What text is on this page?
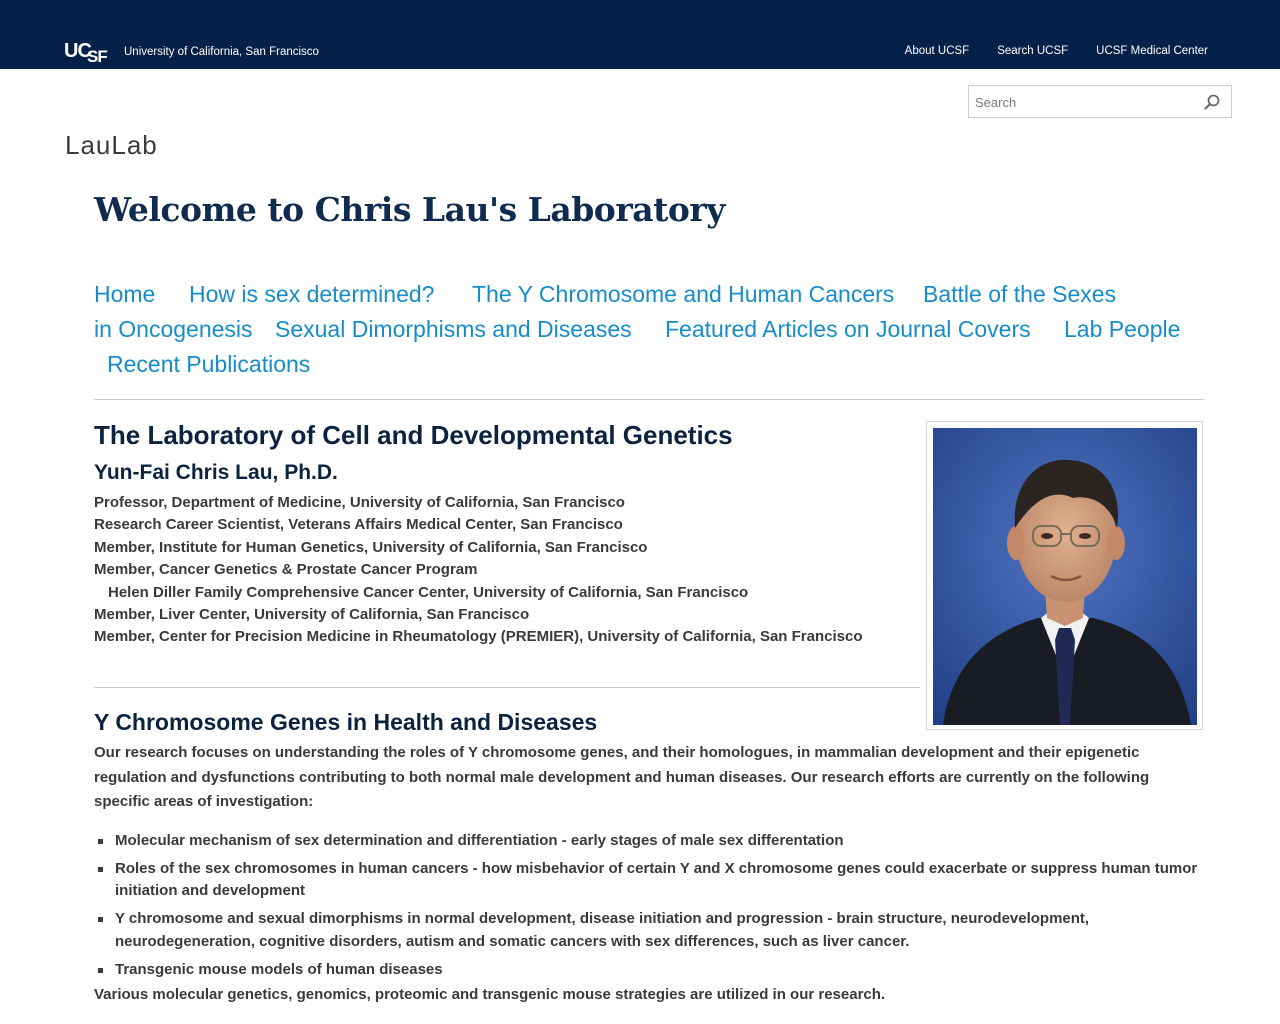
UC
SF University of California, San Francisco	About UCSF Search UCSF UCSF Medical Center
Search
LauLab
Welcome to Chris Lau's Laboratory
Home How is sex determined? The Y Chromosome and Human Cancers Battle of the Sexes
in Oncogenesis Sexual Dimorphisms and Diseases Featured Articles on Journal Covers Lab People
Recent Publications
The Laboratory of Cell and Developmental Genetics
Yun-Fai Chris Lau, Ph.D.
Professor, Department of Medicine, University of California, San Francisco
Research Career Scientist, Veterans Affairs Medical Center, San Francisco
Member, Institute for Human Genetics, University of California, San Francisco
Member, Cancer Genetics & Prostate Cancer Program
Helen Diller Family Comprehensive Cancer Center, University of California, San Francisco
Member, Liver Center, University of California, San Francisco
Member, Center for Precision Medicine in Rheumatology (PREMIER), University of California, San Francisco
Y Chromosome Genes in Health and Diseases

Our research focuses on understanding the roles of Y chromosome genes, and their homologues, in mammalian development and their epigenetic regulation and dysfunctions contributing to both normal male development and human diseases. Our research efforts are currently on the following specific areas of investigation:

Molecular mechanism of sex determination and differentiation - early stages of male sex differentation
Roles of the sex chromosomes in human cancers - how misbehavior of certain Y and X chromosome genes could exacerbate or suppress human tumor initiation and development
Y chromosome and sexual dimorphisms in normal development, disease initiation and progression - brain structure, neurodevelopment, neurodegeneration, cognitive disorders, autism and somatic cancers with sex differences, such as liver cancer.
Transgenic mouse models of human diseases

Various molecular genetics, genomics, proteomic and transgenic mouse strategies are utilized in our research.
